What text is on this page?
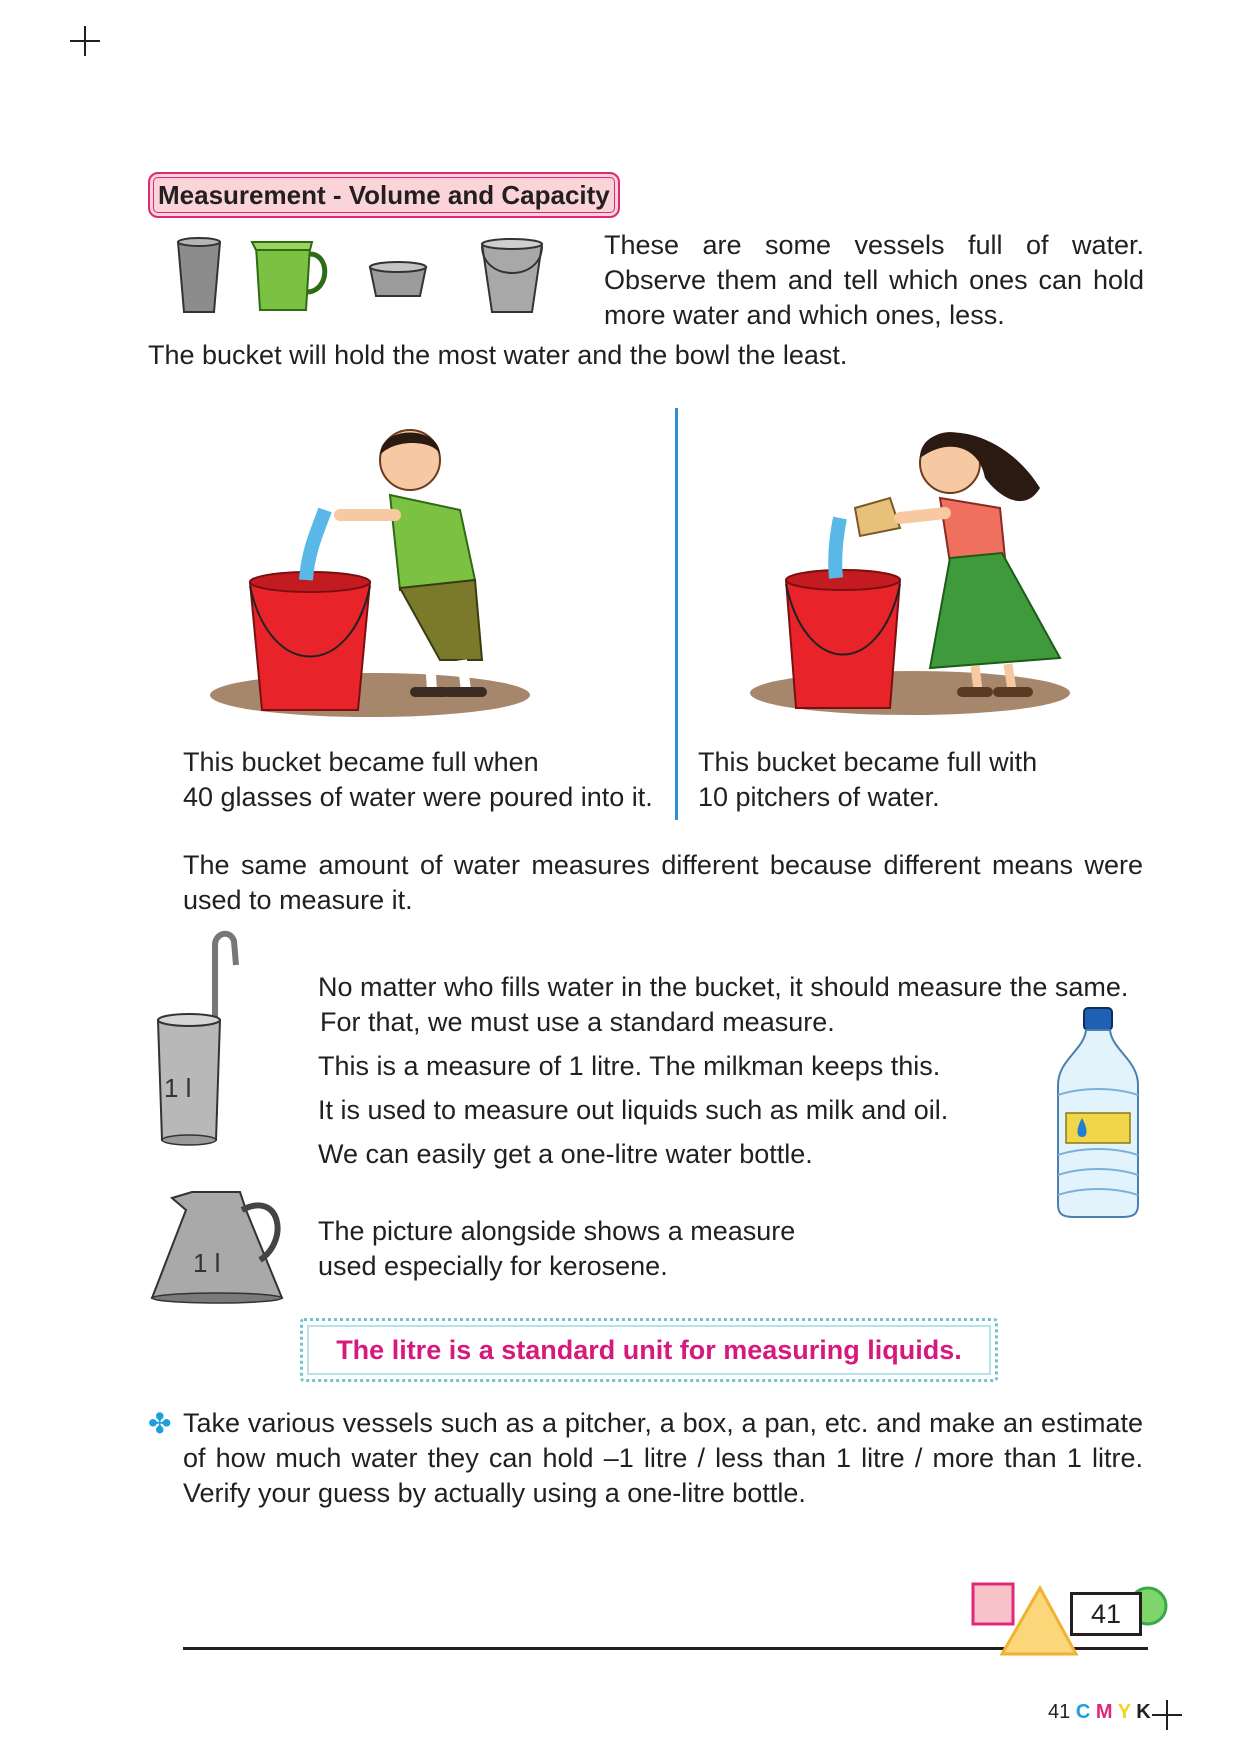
Measurement - Volume and Capacity
These are some vessels full of water.
Observe them and tell which ones can hold
more water and which ones, less.
The bucket will hold the most water and the bowl the least.
This bucket became full when
40 glasses of water were poured into it.
This bucket became full with
10 pitchers of water.
The same amount of water measures different because different means were
used to measure it.
1 l
No matter who fills water in the bucket, it should measure the same.
For that, we must use a standard measure.
This is a measure of 1 litre. The milkman keeps this.
It is used to measure out liquids such as milk and oil.
We can easily get a one-litre water bottle.
1 l
The picture alongside shows a measure
used especially for kerosene.
The litre is a standard unit for measuring liquids.
✤ Take various vessels such as a pitcher, a box, a pan, etc. and make an estimate
of how much water they can hold –1 litre / less than 1 litre / more than 1 litre.
Verify your guess by actually using a one-litre bottle.
41
41 C M Y K
